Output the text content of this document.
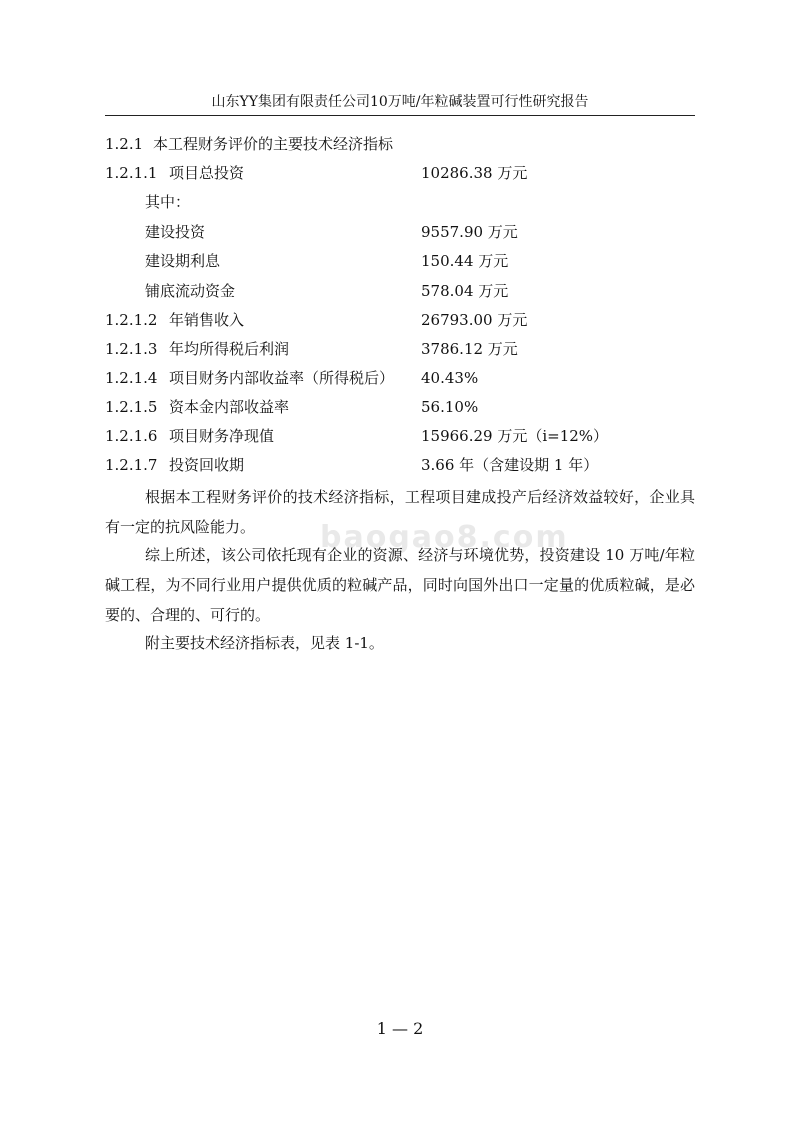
山东YY集团有限责任公司10万吨/年粒碱装置可行性研究报告
baogao8.com
1.2.1 本工程财务评价的主要技术经济指标
1.2.1.1 项目总投资	10286.38 万元
其中：
建设投资	9557.90 万元
建设期利息	150.44 万元
铺底流动资金	578.04 万元
1.2.1.2 年销售收入	26793.00 万元
1.2.1.3 年均所得税后利润	3786.12 万元
1.2.1.4 项目财务内部收益率（所得税后） 40.43%
1.2.1.5 资本金内部收益率	56.10%
1.2.1.6 项目财务净现值	15966.29 万元（i=12%）
1.2.1.7 投资回收期	3.66 年（含建设期 1 年）

根据本工程财务评价的技术经济指标，工程项目建成投产后经济效益较好，企业具有一定的抗风险能力。

综上所述，该公司依托现有企业的资源、经济与环境优势，投资建设 10 万吨/年粒碱工程，为不同行业用户提供优质的粒碱产品，同时向国外出口一定量的优质粒碱，是必要的、合理的、可行的。

附主要技术经济指标表，见表 1-1。

1 — 2
